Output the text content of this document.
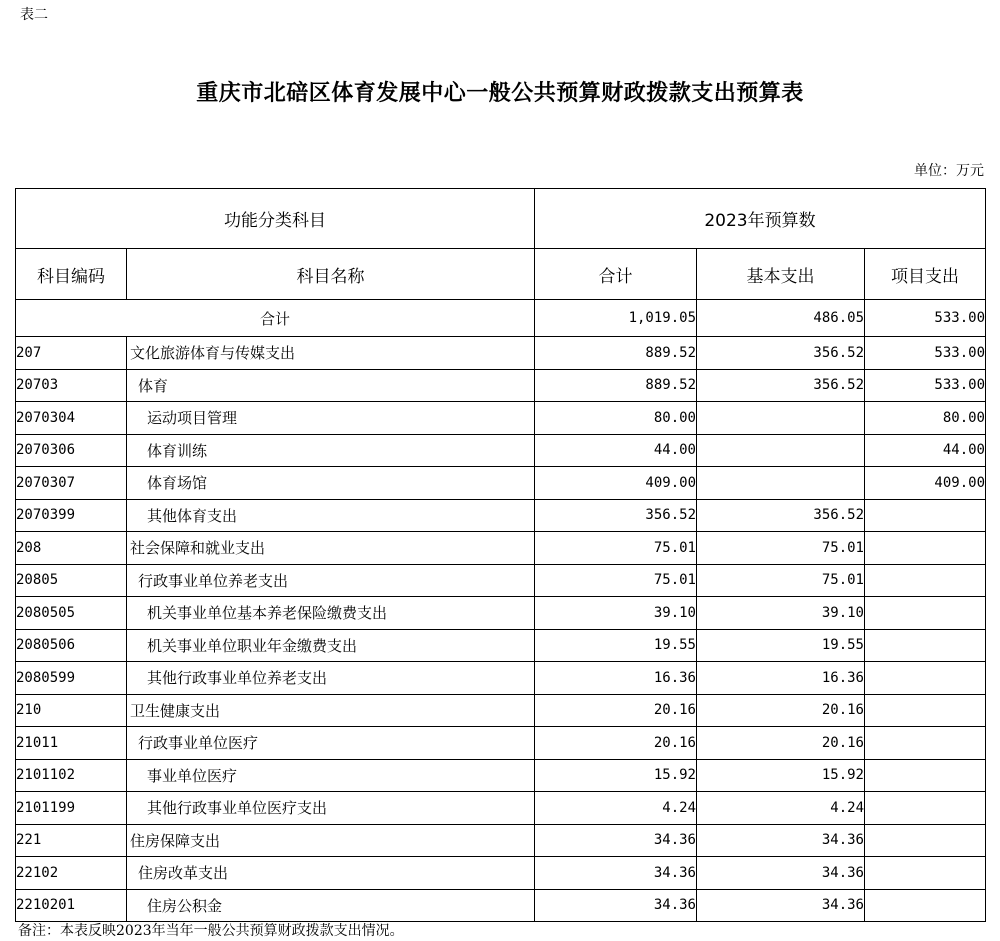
表二
重庆市北碚区体育发展中心一般公共预算财政拨款支出预算表
单位：万元
功能分类科目		2023年预算数		
科目编码	科目名称	合计	基本支出	项目支出
合计		1,019.05	486.05	533.00
207	文化旅游体育与传媒支出	889.52	356.52	533.00
20703	体育	889.52	356.52	533.00
2070304	运动项目管理	80.00		80.00
2070306	体育训练	44.00		44.00
2070307	体育场馆	409.00		409.00
2070399	其他体育支出	356.52	356.52	
208	社会保障和就业支出	75.01	75.01	
20805	行政事业单位养老支出	75.01	75.01	
2080505	机关事业单位基本养老保险缴费支出	39.10	39.10	
2080506	机关事业单位职业年金缴费支出	19.55	19.55	
2080599	其他行政事业单位养老支出	16.36	16.36	
210	卫生健康支出	20.16	20.16	
21011	行政事业单位医疗	20.16	20.16	
2101102	事业单位医疗	15.92	15.92	
2101199	其他行政事业单位医疗支出	4.24	4.24	
221	住房保障支出	34.36	34.36	
22102	住房改革支出	34.36	34.36	
2210201	住房公积金	34.36	34.36	
备注：本表反映2023年当年一般公共预算财政拨款支出情况。
